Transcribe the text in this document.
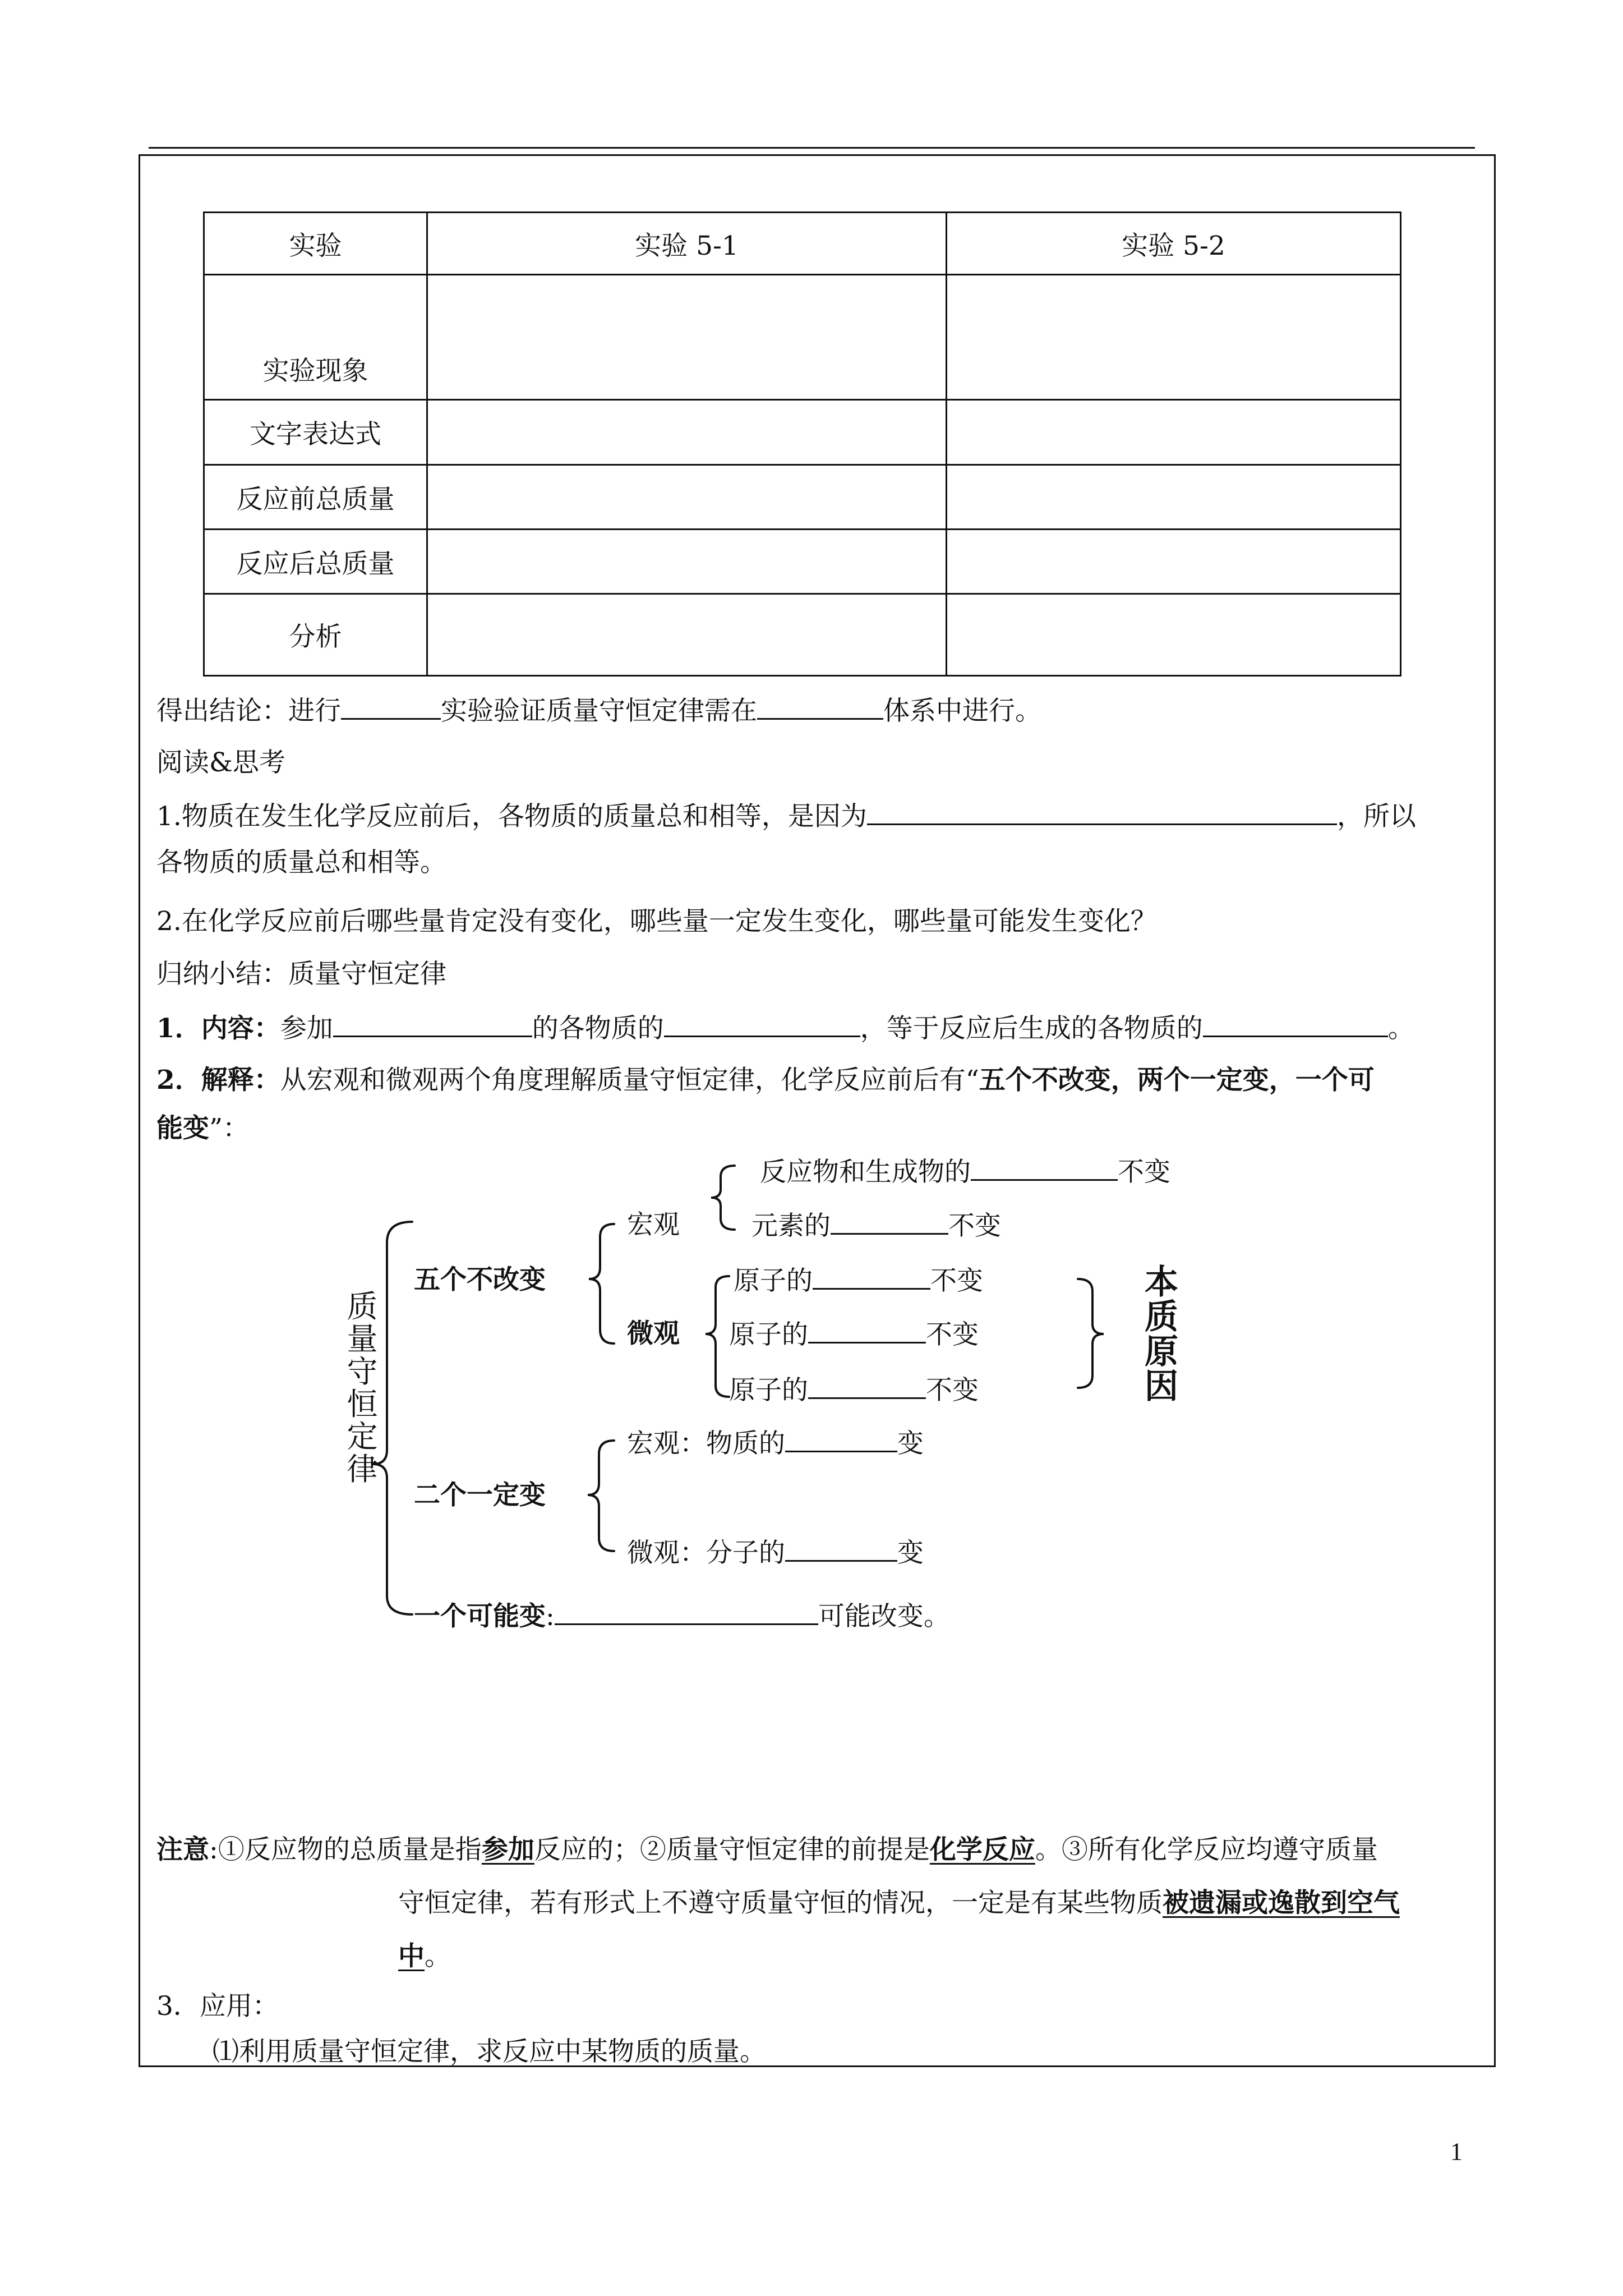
实验	实验 5-1	实验 5-2
实验现象		
文字表达式		
反应前总质量		
反应后总质量		
分析		
得出结论：进行	实验验证质量守恒定律需在	体系中进行。
阅读&思考
1.物质在发生化学反应前后，各物质的质量总和相等，是因为	，所以
各物质的质量总和相等。
2.在化学反应前后哪些量肯定没有变化，哪些量一定发生变化，哪些量可能发生变化？
归纳小结：质量守恒定律
1．内容：参加	的各物质的	，等于反应后生成的各物质的	。
2．解释：从宏观和微观两个角度理解质量守恒定律，化学反应前后有“五个不改变，两个一定变，一个可
能变”：
质量守恒定律
五个不改变
宏观
微观
反应物和生成物的	不变
元素的	不变
原子的	不变
原子的	不变
原子的	不变
本质原因
二个一定变
宏观：物质的	变
微观：分子的	变
一个可能变:	可能改变。
注意:①反应物的总质量是指参加反应的；②质量守恒定律的前提是化学反应。③所有化学反应均遵守质量
守恒定律，若有形式上不遵守质量守恒的情况，一定是有某些物质被遗漏或逸散到空气
中。
3．应用：
⑴利用质量守恒定律，求反应中某物质的质量。
1
